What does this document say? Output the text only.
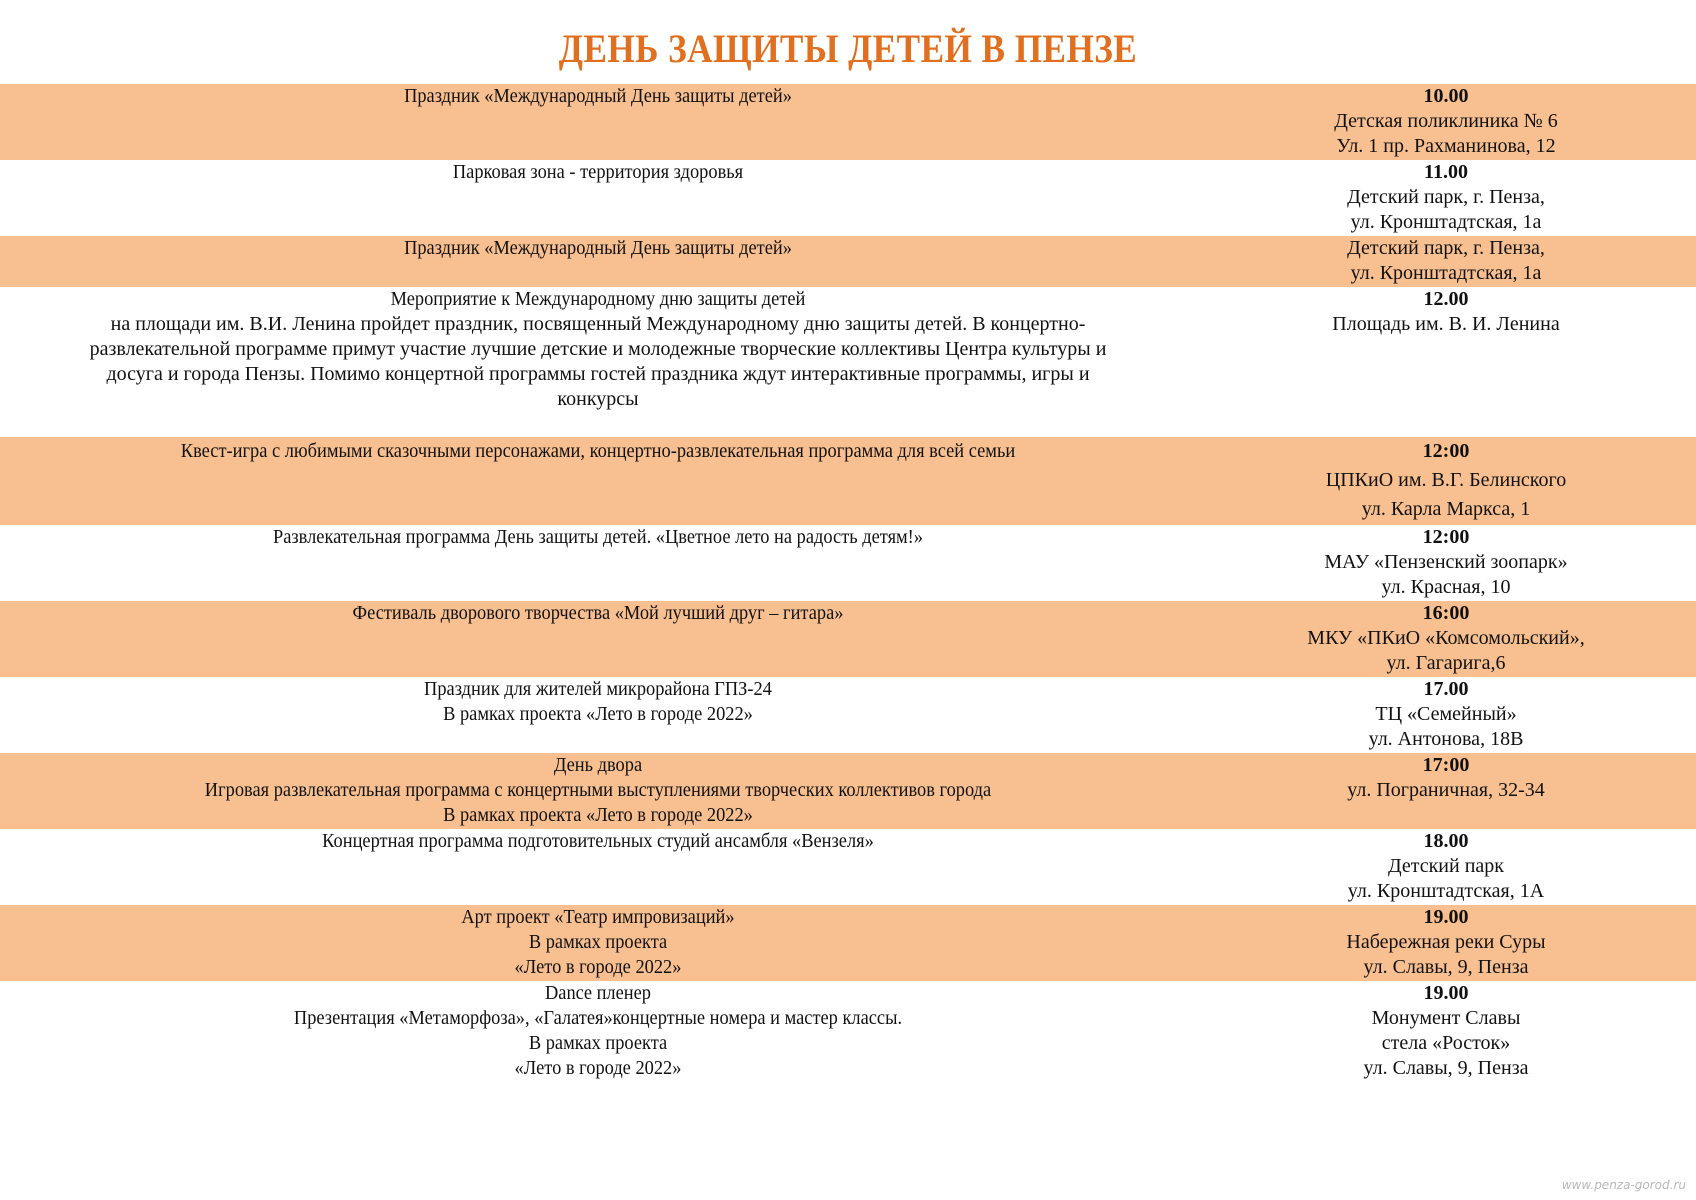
ДЕНЬ ЗАЩИТЫ ДЕТЕЙ В ПЕНЗЕ
Праздник «Международный День защиты детей»	10.00
Детская поликлиника № 6
Ул. 1 пр. Рахманинова, 12
Парковая зона - территория здоровья	11.00
Детский парк, г. Пенза,
ул. Кронштадтская, 1а
Праздник «Международный День защиты детей»	Детский парк, г. Пенза,
ул. Кронштадтская, 1а
Мероприятие к Международному дню защиты детей
на площади им. В.И. Ленина пройдет праздник, посвященный Международному дню защиты детей. В концертно-
развлекательной программе примут участие лучшие детские и молодежные творческие коллективы Центра культуры и
досуга и города Пензы. Помимо концертной программы гостей праздника ждут интерактивные программы, игры и
конкурсы
12.00
Площадь им. В. И. Ленина
Квест-игра с любимыми сказочными персонажами, концертно-развлекательная программа для всей семьи	12:00
ЦПКиО им. В.Г. Белинского
ул. Карла Маркса, 1
Развлекательная программа День защиты детей. «Цветное лето на радость детям!»	12:00
МАУ «Пензенский зоопарк»
ул. Красная, 10
Фестиваль дворового творчества «Мой лучший друг – гитара»	16:00
МКУ «ПКиО «Комсомольский»,
ул. Гагарига,6
Праздник для жителей микрорайона ГПЗ-24
В рамках проекта «Лето в городе 2022»
17.00
ТЦ «Семейный»
ул. Антонова, 18В
День двора
Игровая развлекательная программа с концертными выступлениями творческих коллективов города
В рамках проекта «Лето в городе 2022»
17:00
ул. Пограничная, 32-34
Концертная программа подготовительных студий ансамбля «Вензеля»	18.00
Детский парк
ул. Кронштадтская, 1А
Арт проект «Театр импровизаций»
В рамках проекта
«Лето в городе 2022»
19.00
Набережная реки Суры
ул. Славы, 9, Пенза
Dance пленер
Презентация «Метаморфоза», «Галатея»концертные номера и мастер классы.
В рамках проекта
«Лето в городе 2022»
19.00
Монумент Славы
стела «Росток»
ул. Славы, 9, Пенза
www.penza-gorod.ru
